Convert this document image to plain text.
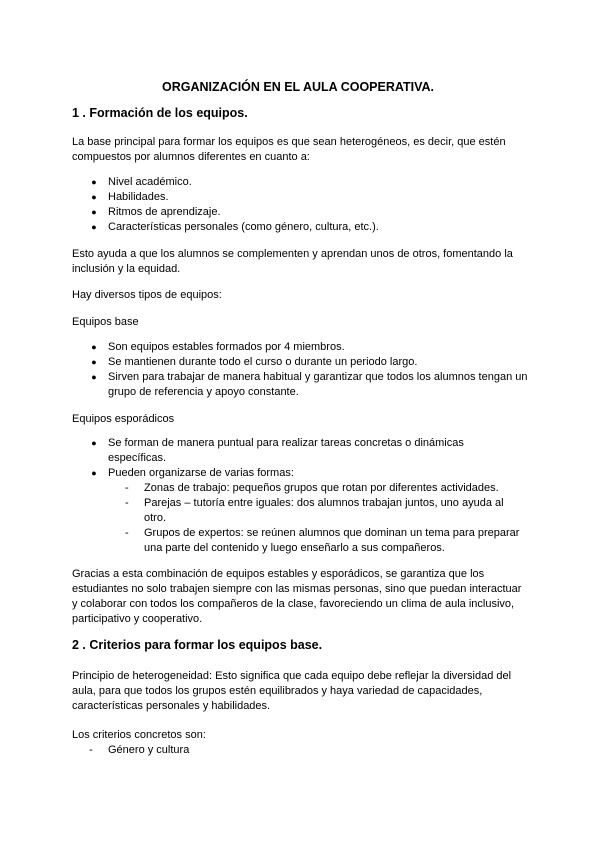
ORGANIZACIÓN EN EL AULA COOPERATIVA.
1 . Formación de los equipos.

La base principal para formar los equipos es que sean heterogéneos, es decir, que estén compuestos por alumnos diferentes en cuanto a:

● Nivel académico.
● Habilidades.
● Ritmos de aprendizaje.
● Características personales (como género, cultura, etc.).

Esto ayuda a que los alumnos se complementen y aprendan unos de otros, fomentando la inclusión y la equidad.

Hay diversos tipos de equipos:

Equipos base

● Son equipos estables formados por 4 miembros.
● Se mantienen durante todo el curso o durante un periodo largo.
● Sirven para trabajar de manera habitual y garantizar que todos los alumnos tengan un grupo de referencia y apoyo constante.

Equipos esporádicos

● Se forman de manera puntual para realizar tareas concretas o dinámicas específicas.
● Pueden organizarse de varias formas:
- Zonas de trabajo: pequeños grupos que rotan por diferentes actividades.
- Parejas – tutoría entre iguales: dos alumnos trabajan juntos, uno ayuda al otro.
- Grupos de expertos: se reúnen alumnos que dominan un tema para preparar una parte del contenido y luego enseñarlo a sus compañeros.

Gracias a esta combinación de equipos estables y esporádicos, se garantiza que los estudiantes no solo trabajen siempre con las mismas personas, sino que puedan interactuar y colaborar con todos los compañeros de la clase, favoreciendo un clima de aula inclusivo, participativo y cooperativo.

2 . Criterios para formar los equipos base.

Principio de heterogeneidad: Esto significa que cada equipo debe reflejar la diversidad del aula, para que todos los grupos estén equilibrados y haya variedad de capacidades, características personales y habilidades.

Los criterios concretos son:

- Género y cultura
